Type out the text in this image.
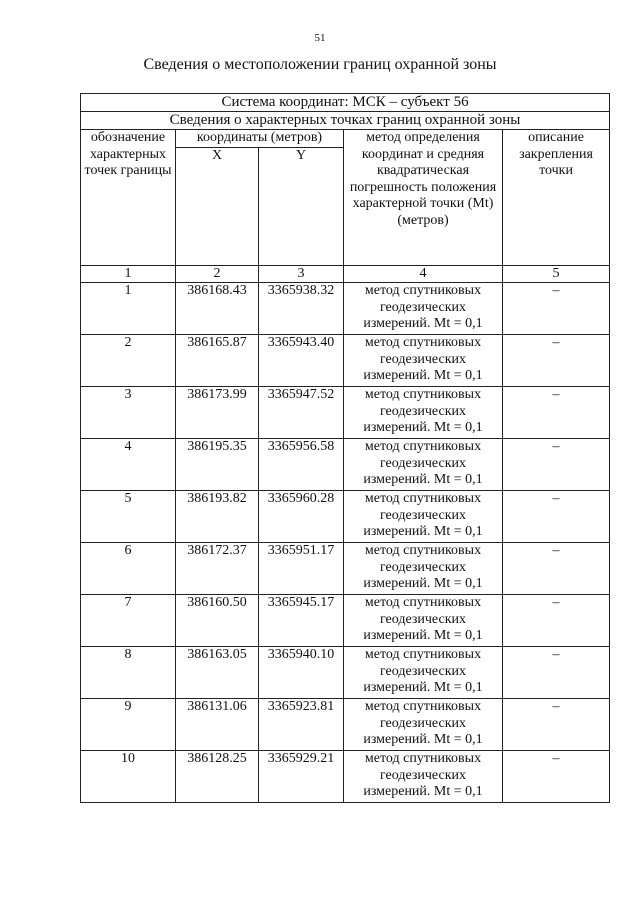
51
Сведения о местоположении границ охранной зоны
Система координат: МСК – субъект 56				
Сведения о характерных точках границ охранной зоны				
обозначение характерных точек границы	координаты (метров)		метод определения координат и средняя квадратическая погрешность положения характерной точки (Mt) (метров)	описание закрепления точки
	X	Y		
1	2	3	4	5
1	386168.43	3365938.32	метод спутниковых геодезических измерений. Mt = 0,1	–
2	386165.87	3365943.40	метод спутниковых геодезических измерений. Mt = 0,1	–
3	386173.99	3365947.52	метод спутниковых геодезических измерений. Mt = 0,1	–
4	386195.35	3365956.58	метод спутниковых геодезических измерений. Mt = 0,1	–
5	386193.82	3365960.28	метод спутниковых геодезических измерений. Mt = 0,1	–
6	386172.37	3365951.17	метод спутниковых геодезических измерений. Mt = 0,1	–
7	386160.50	3365945.17	метод спутниковых геодезических измерений. Mt = 0,1	–
8	386163.05	3365940.10	метод спутниковых геодезических измерений. Mt = 0,1	–
9	386131.06	3365923.81	метод спутниковых геодезических измерений. Mt = 0,1	–
10	386128.25	3365929.21	метод спутниковых геодезических измерений. Mt = 0,1	–
